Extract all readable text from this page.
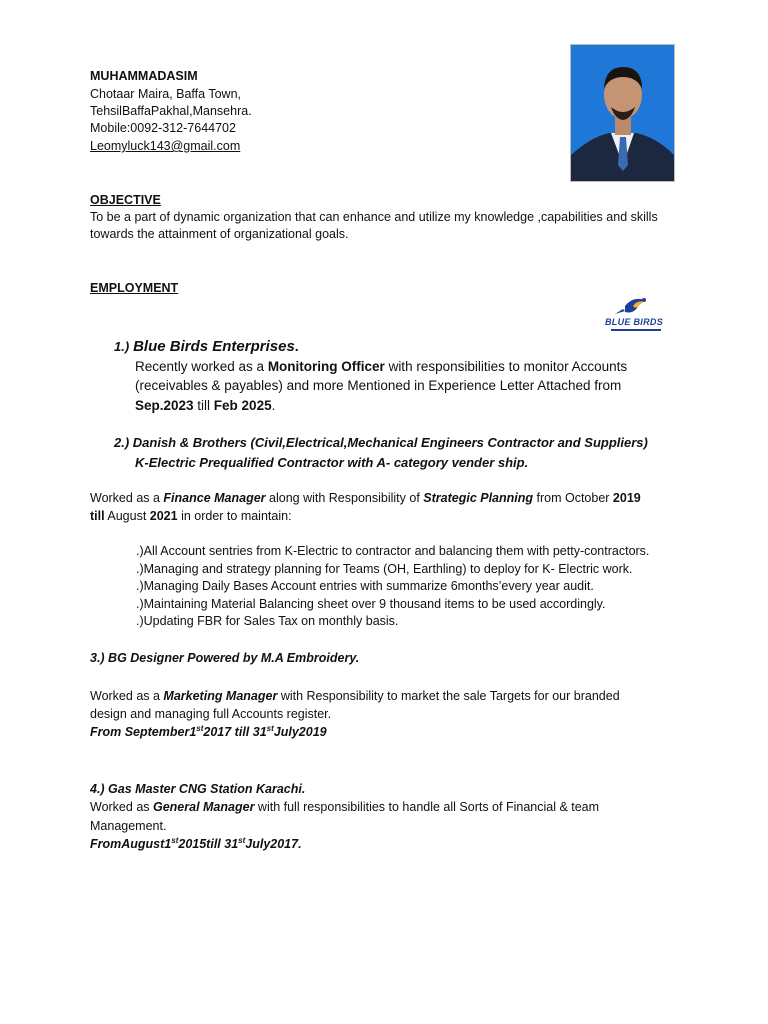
MUHAMMADASIM
Chotaar Maira, Baffa Town,
TehsilBaffaPakhal,Mansehra.
Mobile:0092-312-7644702
Leomyluck143@gmail.com
OBJECTIVE
To be a part of dynamic organization that can enhance and utilize my knowledge ,capabilities and skills
towards the attainment of organizational goals.
EMPLOYMENT
BLUE BIRDS
1.) Blue Birds Enterprises.
Recently worked as a Monitoring Officer with responsibilities to monitor Accounts
(receivables & payables) and more Mentioned in Experience Letter Attached from
Sep.2023 till Feb 2025.
2.) Danish & Brothers (Civil,Electrical,Mechanical Engineers Contractor and Suppliers)
K-Electric Prequalified Contractor with A- category vender ship.
Worked as a Finance Manager along with Responsibility of Strategic Planning from October 2019
till August 2021 in order to maintain:
.)All Account sentries from K-Electric to contractor and balancing them with petty-contractors.
.)Managing and strategy planning for Teams (OH, Earthling) to deploy for K- Electric work.
.)Managing Daily Bases Account entries with summarize 6months’every year audit.
.)Maintaining Material Balancing sheet over 9 thousand items to be used accordingly.
.)Updating FBR for Sales Tax on monthly basis.
3.) BG Designer Powered by M.A Embroidery.
Worked as a Marketing Manager with Responsibility to market the sale Targets for our branded
design and managing full Accounts register.
From September1st2017 till 31stJuly2019
4.) Gas Master CNG Station Karachi.
Worked as General Manager with full responsibilities to handle all Sorts of Financial & team
Management.
FromAugust1st2015till 31stJuly2017.
